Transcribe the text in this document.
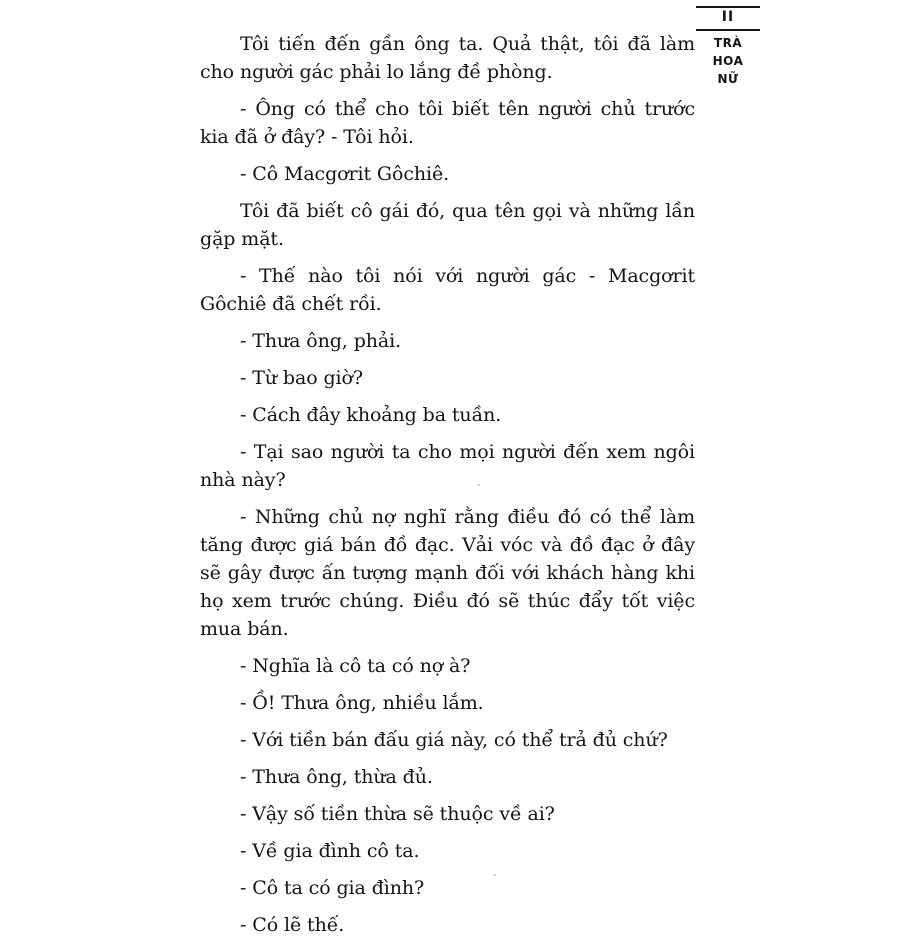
II
TRÀ
HOA
NỮ

Tôi tiến đến gần ông ta. Quả thật, tôi đã làm cho người gác phải lo lắng đề phòng.

- Ông có thể cho tôi biết tên người chủ trước kia đã ở đây? - Tôi hỏi.

- Cô Macgơrit Gôchiê.

Tôi đã biết cô gái đó, qua tên gọi và những lần gặp mặt.

- Thế nào tôi nói với người gác - Macgơrit Gôchiê đã chết rồi.

- Thưa ông, phải.

- Từ bao giờ?

- Cách đây khoảng ba tuần.

- Tại sao người ta cho mọi người đến xem ngôi nhà này?

- Những chủ nợ nghĩ rằng điều đó có thể làm tăng được giá bán đồ đạc. Vải vóc và đồ đạc ở đây sẽ gây được ấn tượng mạnh đối với khách hàng khi họ xem trước chúng. Điều đó sẽ thúc đẩy tốt việc mua bán.

- Nghĩa là cô ta có nợ à?

- Ồ! Thưa ông, nhiều lắm.

- Với tiền bán đấu giá này, có thể trả đủ chứ?

- Thưa ông, thừa đủ.

- Vậy số tiền thừa sẽ thuộc về ai?

- Về gia đình cô ta.

- Cô ta có gia đình?

- Có lẽ thế.
